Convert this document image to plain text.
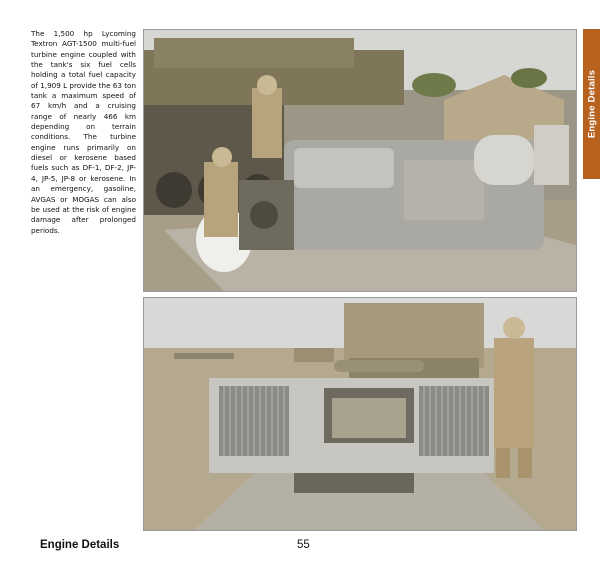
The 1,500 hp Lycoming Textron AGT-1500 multi-fuel turbine engine coupled with the tank's six fuel cells holding a total fuel capacity of 1,909 L provide the 63 ton tank a maximum speed of 67 km/h and a cruising range of nearly 466 km depending on terrain conditions. The turbine engine runs primarily on diesel or kerosene based fuels such as DF-1, DF-2, JP-4, JP-5, JP-8 or kerosene. In an emergency, gasoline, AVGAS or MOGAS can also be used at the risk of engine damage after prolonged periods.

Engine Details
Engine Details	55
